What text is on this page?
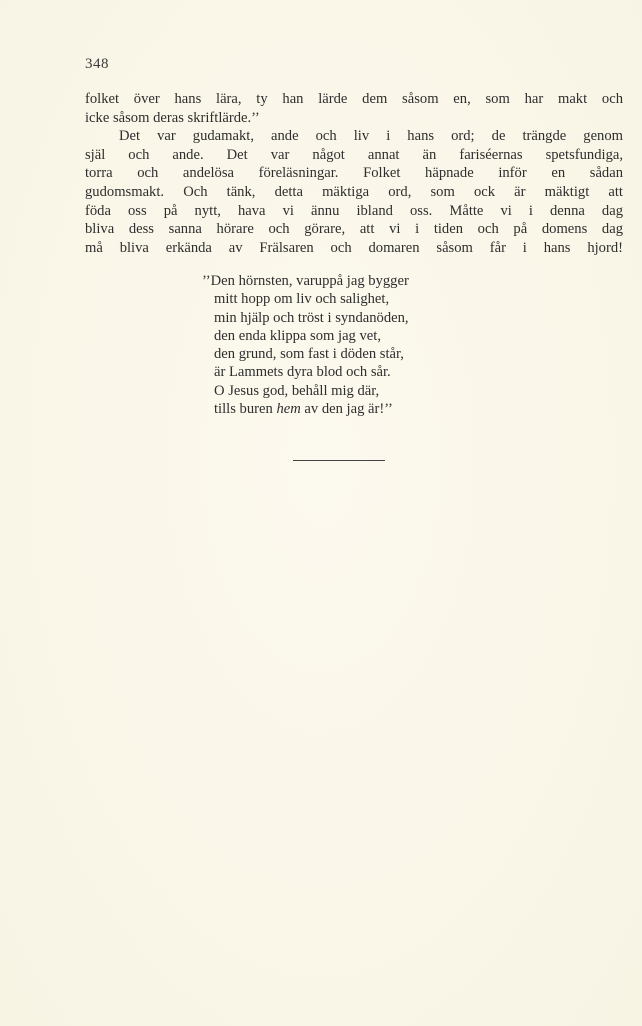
348
folket över hans lära, ty han lärde dem såsom en, som har makt och
icke såsom deras skriftlärde.’’
Det var gudamakt, ande och liv i hans ord; de trängde genom
själ och ande. Det var något annat än fariséernas spetsfundiga,
torra och andelösa föreläsningar. Folket häpnade inför en sådan
gudomsmakt. Och tänk, detta mäktiga ord, som ock är mäktigt att
föda oss på nytt, hava vi ännu ibland oss. Måtte vi i denna dag
bliva dess sanna hörare och görare, att vi i tiden och på domens dag
må bliva erkända av Frälsaren och domaren såsom får i hans hjord!
’’Den hörnsten, varuppå jag bygger
mitt hopp om liv och salighet,
min hjälp och tröst i syndanöden,
den enda klippa som jag vet,
den grund, som fast i döden står,
är Lammets dyra blod och sår.
O Jesus god, behåll mig där,
tills buren hem av den jag är!’’
